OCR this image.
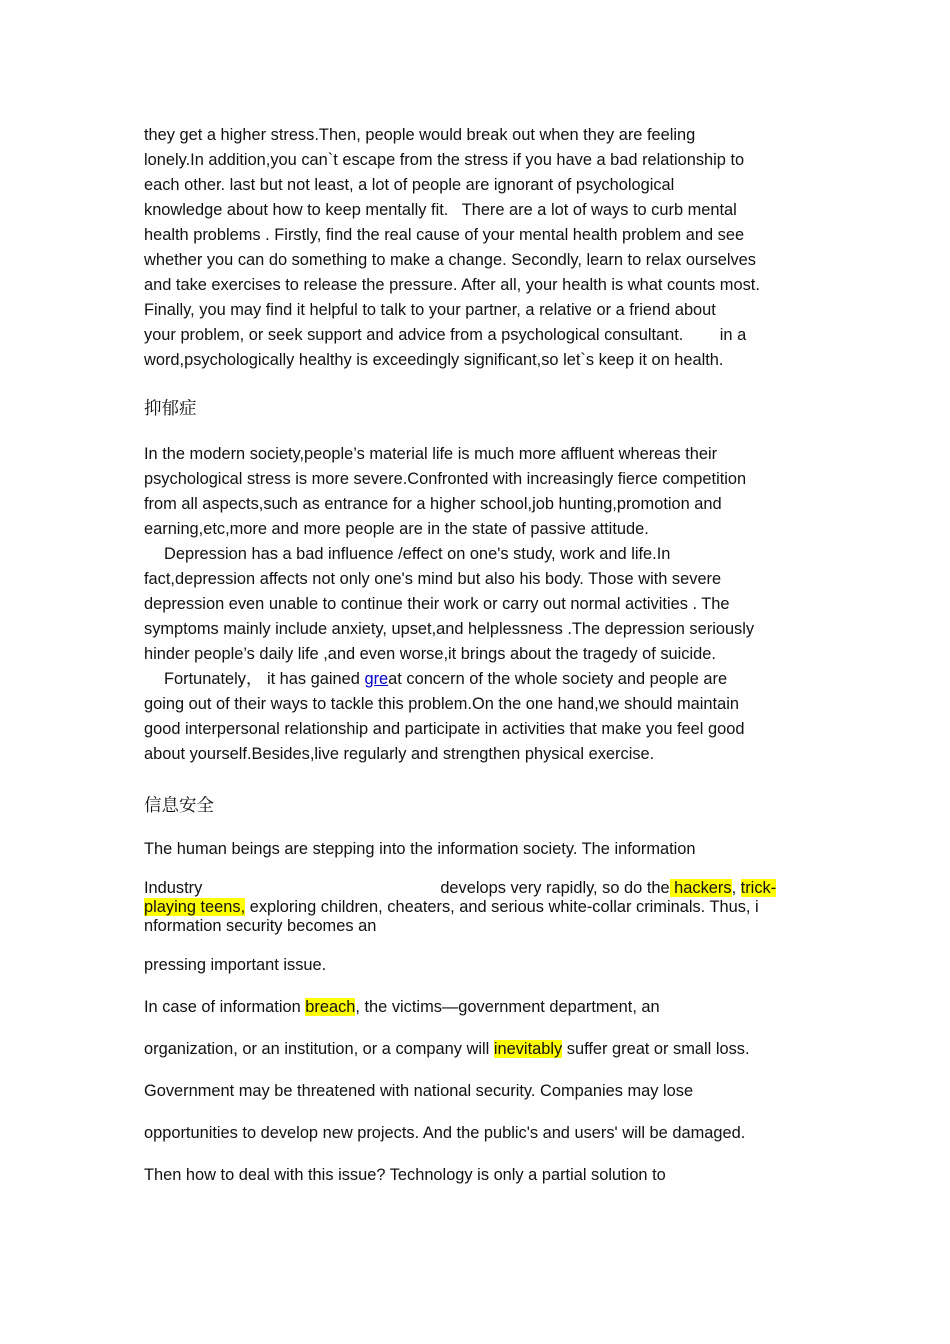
they get a higher stress.Then, people would break out when they are feeling

lonely.In addition,you can`t escape from the stress if you have a bad relationship to

each other. last but not least, a lot of people are ignorant of psychological

knowledge about how to keep mentally fit.   There are a lot of ways to curb mental

health problems . Firstly, find the real cause of your mental health problem and see

whether you can do something to make a change. Secondly, learn to relax ourselves

and take exercises to release the pressure. After all, your health is what counts most.

Finally, you may find it helpful to talk to your partner, a relative or a friend about

your problem, or seek support and advice from a psychological consultant.        in a

word,psychologically healthy is exceedingly significant,so let`s keep it on health.

抑郁症

In the modern society,people’s material life is much more affluent whereas their

psychological stress is more severe.Confronted with increasingly fierce competition

from all aspects,such as entrance for a higher school,job hunting,promotion and

earning,etc,more and more people are in the state of passive attitude.

Depression has a bad influence /effect on one's study, work and life.In

fact,depression affects not only one's mind but also his body. Those with severe

depression even unable to continue their work or carry out normal activities . The

symptoms mainly include anxiety, upset,and helplessness .The depression seriously

hinder people’s daily life ,and even worse,it brings about the tragedy of suicide.

Fortunately， it has gained great concern of the whole society and people are

going out of their ways to tackle this problem.On the one hand,we should maintain

good interpersonal relationship and participate in activities that make you feel good

about yourself.Besides,live regularly and strengthen physical exercise.

信息安全

The human beings are stepping into the information society. The information

Industry	develops very rapidly, so do the hackers, trick-

playing teens, exploring children, cheaters, and serious white-collar criminals. Thus, i

nformation security becomes an

pressing important issue.

In case of information breach, the victims—government department, an

organization, or an institution, or a company will inevitably suffer great or small loss.

Government may be threatened with national security. Companies may lose

opportunities to develop new projects. And the public's and users' will be damaged.

Then how to deal with this issue? Technology is only a partial solution to
